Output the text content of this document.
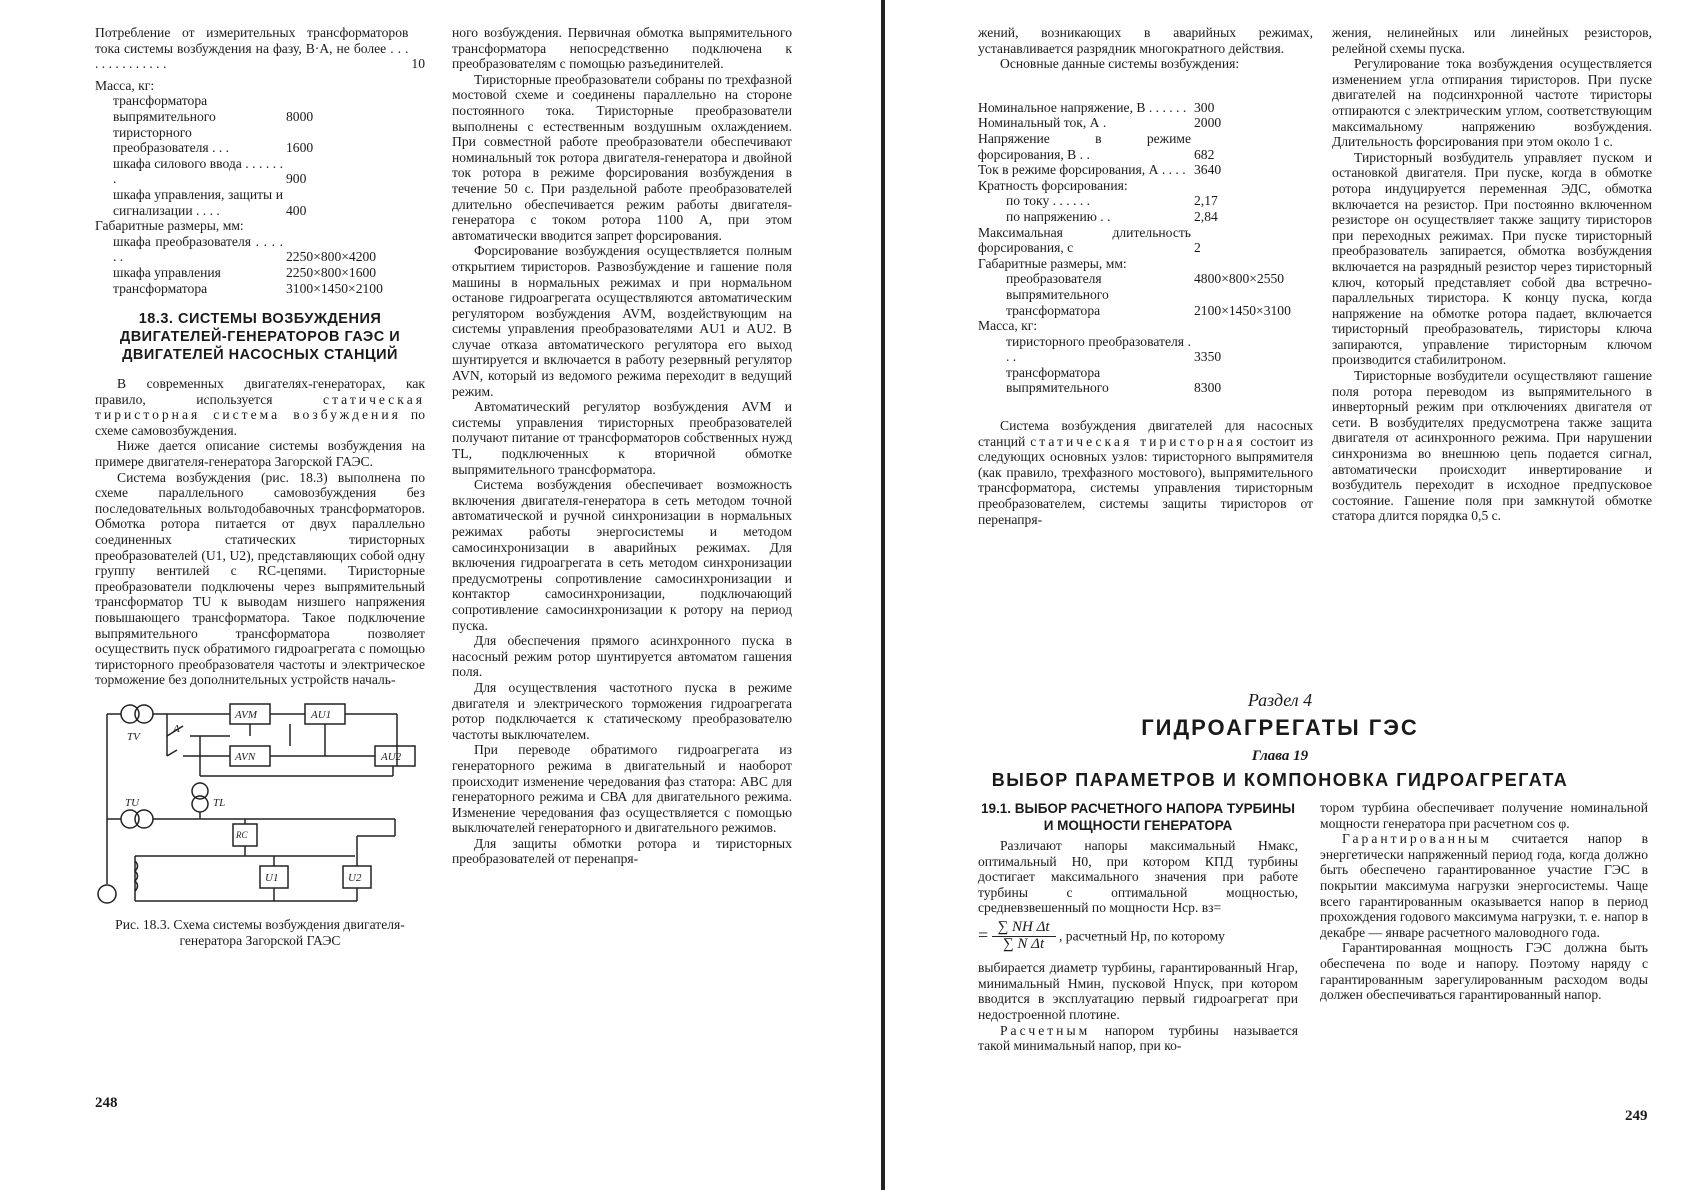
Потребление от измерительных трансформаторов тока системы возбуждения на фазу, В·А, не более . . . . . . . . . . . . . .	10
Масса, кг:
трансформатора выпрямительного	8000
тиристорного преобразователя . . .	1600
шкафа силового ввода . . . . . . .	900
шкафа управления, защиты и сигнализации . . . .	400
Габаритные размеры, мм:
шкафа преобразователя . . . . . .	2250×800×4200
шкафа управления	2250×800×1600
трансформатора	3100×1450×2100
18.3. СИСТЕМЫ ВОЗБУЖДЕНИЯ ДВИГАТЕЛЕЙ-ГЕНЕРАТОРОВ ГАЭС И ДВИГАТЕЛЕЙ НАСОСНЫХ СТАНЦИЙ

В современных двигателях-генераторах, как правило, используется статическая тиристорная система возбуждения по схеме самовозбуждения.

Ниже дается описание системы возбуждения на примере двигателя-генератора Загорской ГАЭС.

Система возбуждения (рис. 18.3) выполнена по схеме параллельного самовозбуждения без последовательных вольтодобавочных трансформаторов. Обмотка ротора питается от двух параллельно соединенных статических тиристорных преобразователей (U1, U2), представляющих собой одну группу вентилей с RC-цепями. Тиристорные преобразователи подключены через выпрямительный трансформатор TU к выводам низшего напряжения повышающего трансформатора. Такое подключение выпрямительного трансформатора позволяет осуществить пуск обратимого гидроагрегата с помощью тиристорного преобразователя частоты и электрическое торможение без дополнительных устройств началь-

AVM	AU1
AVN	AU2
TV
A
TU	TL
RC
U1	U2
Рис. 18.3. Схема системы возбуждения двигателя-генератора Загорской ГАЭС

ного возбуждения. Первичная обмотка выпрямительного трансформатора непосредственно подключена к преобразователям с помощью разъединителей.

Тиристорные преобразователи собраны по трехфазной мостовой схеме и соединены параллельно на стороне постоянного тока. Тиристорные преобразователи выполнены с естественным воздушным охлаждением. При совместной работе преобразователи обеспечивают номинальный ток ротора двигателя-генератора и двойной ток ротора в режиме форсирования возбуждения в течение 50 с. При раздельной работе преобразователей длительно обеспечивается режим работы двигателя-генератора с током ротора 1100 А, при этом автоматически вводится запрет форсирования.

Форсирование возбуждения осуществляется полным открытием тиристоров. Развозбуждение и гашение поля машины в нормальных режимах и при нормальном останове гидроагрегата осуществляются автоматическим регулятором возбуждения AVM, воздействующим на системы управления преобразователями AU1 и AU2. В случае отказа автоматического регулятора его выход шунтируется и включается в работу резервный регулятор AVN, который из ведомого режима переходит в ведущий режим.

Автоматический регулятор возбуждения AVM и системы управления тиристорных преобразователей получают питание от трансформаторов собственных нужд TL, подключенных к вторичной обмотке выпрямительного трансформатора.

Система возбуждения обеспечивает возможность включения двигателя-генератора в сеть методом точной автоматической и ручной синхронизации в нормальных режимах работы энергосистемы и методом самосинхронизации в аварийных режимах. Для включения гидроагрегата в сеть методом синхронизации предусмотрены сопротивление самосинхронизации и контактор самосинхронизации, подключающий сопротивление самосинхронизации к ротору на период пуска.

Для обеспечения прямого асинхронного пуска в насосный режим ротор шунтируется автоматом гашения поля.

Для осуществления частотного пуска в режиме двигателя и электрического торможения гидроагрегата ротор подключается к статическому преобразователю частоты выключателем.

При переводе обратимого гидроагрегата из генераторного режима в двигательный и наоборот происходит изменение чередования фаз статора: АВС для генераторного режима и СВА для двигательного режима. Изменение чередования фаз осуществляется с помощью выключателей генераторного и двигательного режимов.

Для защиты обмотки ротора и тиристорных преобразователей от перенапря-

248

жений, возникающих в аварийных режимах, устанавливается разрядник многократного действия.

Основные данные системы возбуждения:

Номинальное напряжение, В . . . . . .	300
Номинальный ток, А .	2000
Напряжение в режиме форсирования, В . .	682
Ток в режиме форсирования, А . . . .	3640
Кратность форсирования:	
по току . . . . . .	2,17
по напряжению . .	2,84
Максимальная длительность форсирования, с	2
Габаритные размеры, мм:	
преобразователя	4800×800×2550
выпрямительного трансформатора	2100×1450×3100
Масса, кг:	
тиристорного преобразователя . . .	3350
трансформатора выпрямительного	8300

Система возбуждения двигателей для насосных станций статическая тиристорная состоит из следующих основных узлов: тиристорного выпрямителя (как правило, трехфазного мостового), выпрямительного трансформатора, системы управления тиристорным преобразователем, системы защиты тиристоров от перенапря-

жения, нелинейных или линейных резисторов, релейной схемы пуска.

Регулирование тока возбуждения осуществляется изменением угла отпирания тиристоров. При пуске двигателей на подсинхронной частоте тиристоры отпираются с электрическим углом, соответствующим максимальному напряжению возбуждения. Длительность форсирования при этом около 1 с.

Тиристорный возбудитель управляет пуском и остановкой двигателя. При пуске, когда в обмотке ротора индуцируется переменная ЭДС, обмотка включается на резистор. При постоянно включенном резисторе он осуществляет также защиту тиристоров при переходных режимах. При пуске тиристорный преобразователь запирается, обмотка возбуждения включается на разрядный резистор через тиристорный ключ, который представляет собой два встречно-параллельных тиристора. К концу пуска, когда напряжение на обмотке ротора падает, включается тиристорный преобразователь, тиристоры ключа запираются, управление тиристорным ключом производится стабилитроном.

Тиристорные возбудители осуществляют гашение поля ротора переводом из выпрямительного в инверторный режим при отключениях двигателя от сети. В возбудителях предусмотрена также защита двигателя от асинхронного режима. При нарушении синхронизма во внешнюю цепь подается сигнал, автоматически происходит инвертирование и возбудитель переходит в исходное предпусковое состояние. Гашение поля при замкнутой обмотке статора длится порядка 0,5 с.

Раздел 4
ГИДРОАГРЕГАТЫ ГЭС
Глава 19
ВЫБОР ПАРАМЕТРОВ И КОМПОНОВКА ГИДРОАГРЕГАТА
19.1. ВЫБОР РАСЧЕТНОГО НАПОРА ТУРБИНЫ И МОЩНОСТИ ГЕНЕРАТОРА

Различают напоры максимальный Hмакс, оптимальный H0, при котором КПД турбины достигает максимального значения при работе турбины с оптимальной мощностью, средневзвешенный по мощности Hср. вз=

= $\frac{\text{∑ NH Δt}}{\text{∑ N Δt}}$ , расчетный Hр, по которому

выбирается диаметр турбины, гарантированный Hгар, минимальный Hмин, пусковой Hпуск, при котором вводится в эксплуатацию первый гидроагрегат при недостроенной плотине.

Расчетным напором турбины называется такой минимальный напор, при ко-

тором турбина обеспечивает получение номинальной мощности генератора при расчетном cos φ.

Гарантированным считается напор в энергетически напряженный период года, когда должно быть обеспечено гарантированное участие ГЭС в покрытии максимума нагрузки энергосистемы. Чаще всего гарантированным оказывается напор в период прохождения годового максимума нагрузки, т. е. напор в декабре — январе расчетного маловодного года.

Гарантированная мощность ГЭС должна быть обеспечена по воде и напору. Поэтому наряду с гарантированным зарегулированным расходом воды должен обеспечиваться гарантированный напор.

249
